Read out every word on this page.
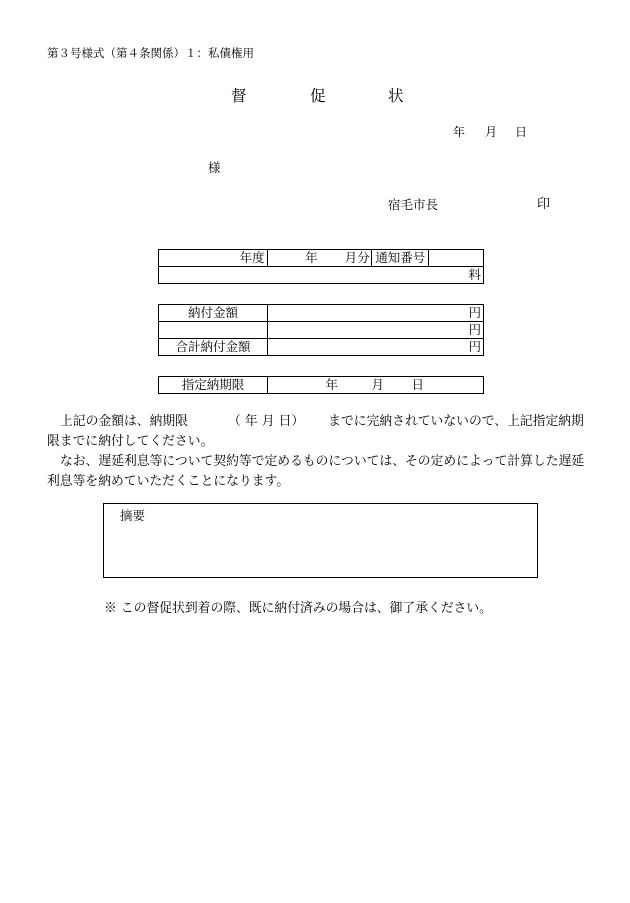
第３号様式（第４条関係）１：私債権用
督	促	状
年 月 日
様
宿毛市長	印
年度	年 月分	通知番号	
料
納付金額	円
	円
合計納付金額	円
指定納期限	年	月 日
上記の金額は、納期限	（ 年 月 日） までに完納されていないので、上記指定納期限までに納付してください。
なお、遅延利息等について契約等で定めるものについては、その定めによって計算した遅延利息等を納めていただくことになります。
摘要
※ この督促状到着の際、既に納付済みの場合は、御了承ください。
